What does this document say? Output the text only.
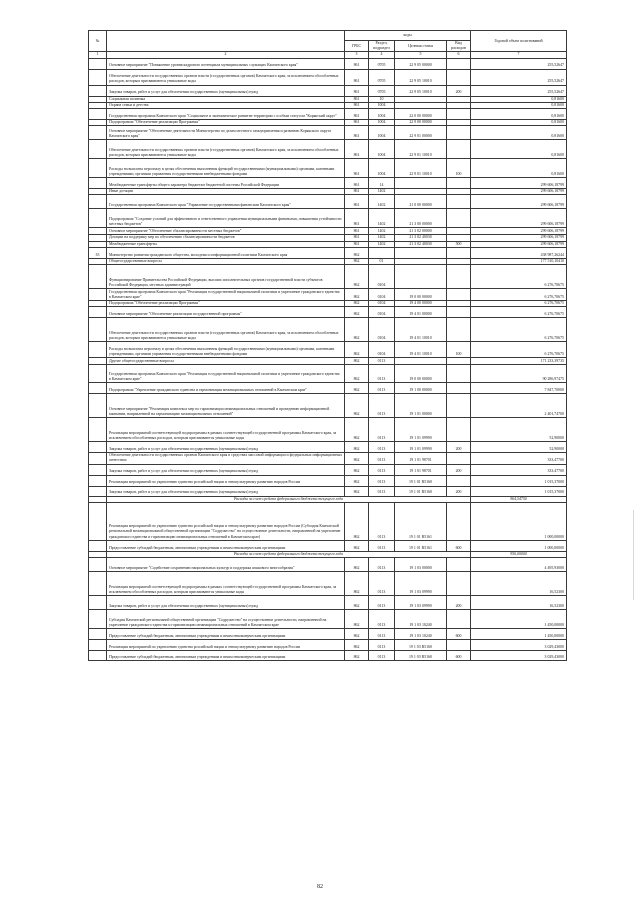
№		коды				Годовой объем ассигнований
		ГРБС	Раздел, подраздел	Целевая статья	Вид расходов	
1	2	3	4	5	6	7
	Основное мероприятие "Повышение уровня кадрового потенциала муниципальных служащих Камчатского края"	861	0705	22 9 05 00000		255,52647
	Обеспечение деятельности государственных органов власти (государственных органов) Камчатского края, за исключением обособленных расходов, которым присваиваются уникальные коды	861	0705	22 9 05 10010		255,52647
	Закупка товаров, работ и услуг для обеспечения государственных (муниципальных) нужд	861	0705	22 9 05 10010	200	255,52647
	Социальная политика	861	10			0,81600
	Охрана семьи и детства	861	1004			0,81600
	Государственная программа Камчатского края "Социальное и экономическое развитие территории с особым статусом "Корякский округ"	861	1004	22 0 00 00000		0,81600
	Подпрограмма "Обеспечение реализации Программы"	861	1004	22 9 00 00000		0,81600
	Основное мероприятие "Обеспечение деятельности Министерства по делам местного самоуправления и развитию Корякского округа Камчатского края"	861	1004	22 9 01 00000		0,81600
	Обеспечение деятельности государственных органов власти (государственных органов) Камчатского края, за исключением обособленных расходов, которым присваиваются уникальные коды	861	1004	22 9 01 10010		0,81600
	Расходы на выплаты персоналу в целях обеспечения выполнения функций государственными (муниципальными) органами, казенными учреждениями, органами управления государственными внебюджетными фондами	861	1004	22 9 01 10010	100	0,81600
	Межбюджетные трансферты общего характера бюджетам бюджетной системы Российской Федерации	861	14			299 606,18799
	Иные дотации	861	1402			299 606,18799
	Государственная программа Камчатского края "Управление государственными финансами Камчатского края"	861	1402	21 0 00 00000		299 606,18799
	Подпрограмма "Создание условий для эффективного и ответственного управления муниципальными финансами, повышения устойчивости местных бюджетов"	861	1402	21 3 00 00000		299 606,18799
	Основное мероприятие "Обеспечение сбалансированности местных бюджетов"	861	1402	21 3 02 00000		299 606,18799
	Дотации на поддержку мер по обеспечению сбалансированности бюджетов	861	1402	21 3 02 40030		299 606,18799
	Межбюджетные трансферты	861	1402	21 3 02 40030	500	299 606,18799
35	Министерство развития гражданского общества, молодежи и информационной политики Камчатского края	862				438 987,26244
	Общегосударственные вопросы	862	01			177 510,10410
	Функционирование Правительства Российской Федерации, высших исполнительных органов государственной власти субъектов Российской Федерации, местных администраций	862	0104			6 276,70675
	Государственная программа Камчатского края "Реализация государственной национальной политики и укрепление гражданского единства в Камчатском крае"	862	0104	19 0 00 00000		6 276,70675
	Подпрограмма "Обеспечение реализации Программы"	862	0104	19 4 00 00000		6 276,70675
	Основное мероприятие "Обеспечение реализации государственной программы"	862	0104	19 4 01 00000		6 276,70675
	Обеспечение деятельности государственных органов власти (государственных органов) Камчатского края, за исключением обособленных расходов, которым присваиваются уникальные коды	862	0104	19 4 01 10010		6 276,70675
	Расходы на выплаты персоналу в целях обеспечения выполнения функций государственными (муниципальными) органами, казенными учреждениями, органами управления государственными внебюджетными фондами	862	0104	19 4 01 10010	100	6 276,70675
	Другие общегосударственные вопросы	862	0113			171 233,39735
	Государственная программа Камчатского края "Реализация государственной национальной политики и укрепление гражданского единства в Камчатском крае"	862	0113	19 0 00 00000		90 286,97475
	Подпрограмма "Укрепление гражданского единства и гармонизация межнациональных отношений в Камчатском крае"	862	0113	19 1 00 00000		7 847,70000
	Основное мероприятие "Реализация комплекса мер по гармонизации межнациональных отношений и проведению информационной кампании, направленной на гармонизацию межнациональных отношений"	862	0113	19 1 01 00000		2 401,74700
	Реализация мероприятий соответствующей подпрограммы в рамках соответствующей государственной программы Камчатского края, за исключением обособленных расходов, которым присваиваются уникальные коды	862	0113	19 1 01 09990		52,90000
	Закупка товаров, работ и услуг для обеспечения государственных (муниципальных) нужд	862	0113	19 1 01 09990	200	52,90000
	Обеспечение деятельности государственных органов Камчатского края в средствах массовой информации и федеральных информационных агентствах	862	0113	19 1 01 98701		333,47700
	Закупка товаров, работ и услуг для обеспечения государственных (муниципальных) нужд	862	0113	19 1 01 98701	200	333,47700
	Реализация мероприятий по укреплению единства российской нации и этнокультурному развитию народов России	862	0113	19 1 01 R5160		1 015,37000
	Закупка товаров, работ и услуг для обеспечения государственных (муниципальных) нужд	862	0113	19 1 01 R5160	200	1 015,37000
	Расходы за счет средств федерального бюджета текущего года					964,54750
	Реализация мероприятий по укреплению единства российской нации и этнокультурному развитию народов России (Субсидия Камчатской региональной межнациональной общественной организации "Содружество" на осуществление деятельности, направленной на укрепление гражданского единства и гармонизацию межнациональных отношений в Камчатском крае)	862	0113	19 1 01 R5161		1 000,00000
	Предоставление субсидий бюджетным, автономным учреждениям и иным некоммерческим организациям	862	0113	19 1 01 R5161	600	1 000,00000
	Расходы за счет средств федерального бюджета текущего года					950,00000
	Основное мероприятие "Содействие сохранению национальных культур и поддержка языкового многообразия"	862	0113	19 1 03 00000		4 495,93000
	Реализация мероприятий соответствующей подпрограммы в рамках соответствующей государственной программы Камчатского края, за исключением обособленных расходов, которым присваиваются уникальные коды	862	0113	19 1 03 09990		16,52300
	Закупка товаров, работ и услуг для обеспечения государственных (муниципальных) нужд	862	0113	19 1 03 09990	200	16,52300
	Субсидия Камчатской региональной общественной организации "Содружество" на осуществление деятельности, направленной на укрепление гражданского единства и гармонизацию межнациональных отношений в Камчатском крае	862	0113	19 1 03 10240		1 450,00000
	Предоставление субсидий бюджетным, автономным учреждениям и иным некоммерческим организациям	862	0113	19 1 03 10240	600	1 450,00000
	Реализация мероприятий по укреплению единства российской нации и этнокультурному развитию народов России	862	0113	19 1 03 R5160		3 029,43000
	Предоставление субсидий бюджетным, автономным учреждениям и иным некоммерческим организациям	862	0113	19 1 03 R5160	600	3 029,43000
82
